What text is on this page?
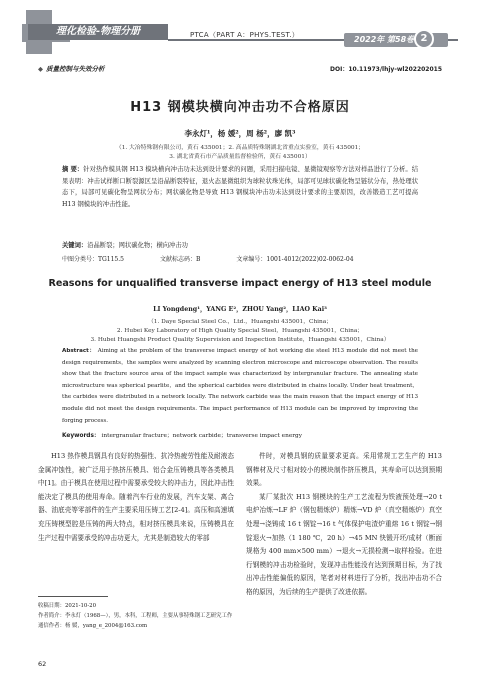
理化检验-物理分册	PTCA（PART A：PHYS.TEST.）	2022年 第58卷 2
◆ 质量控制与失效分析	DOI：10.11973/lhjy-wl202202015
H13 钢模块横向冲击功不合格原因
李永灯¹，杨 媛²，周 杨²，廖 凯³
（1. 大冶特殊钢有限公司，黄石 435001；2. 高品质特殊钢湖北省重点实验室，黄石 435001；
3. 湖北省黄石市产品质量监督检验所，黄石 435001）
摘 要：针对热作模具钢 H13 模块横向冲击功未达到设计要求的问题，采用扫描电镜、显微镜观察等方法对样品进行了分析。结果表明：冲击试样断口断裂源区呈沿晶断裂特征，退火态显微组织为球粒状珠光体，局部可见球状碳化物呈链状分布，热处理状态下，局部可见碳化物呈网状分布；网状碳化物是导致 H13 钢模块冲击功未达到设计要求的主要原因，改善锻造工艺可提高 H13 钢模块的冲击性能。
关键词：沿晶断裂；网状碳化物；横向冲击功
中图分类号：TG115.5	文献标志码：B	文章编号：1001-4012(2022)02-0062-04
Reasons for unqualified transverse impact energy of H13 steel module
LI Yongdeng¹，YANG E²，ZHOU Yang²，LIAO Kai³
（1. Daye Special Steel Co.，Ltd.，Huangshi 435001，China；
2. Hubei Key Laboratory of High Quality Special Steel，Huangshi 435001，China；
3. Hubei Huangshi Product Quality Supervision and Inspection Institute，Huangshi 435001，China）
Abstract： Aiming at the problem of the transverse impact energy of hot working die steel H13 module did not meet the design requirements，the samples were analyzed by scanning electron microscope and microscope observation. The results show that the fracture source area of the impact sample was characterized by intergranular fracture. The annealing state microstructure was spherical pearlite，and the spherical carbides were distributed in chains locally. Under heat treatment，the carbides were distributed in a network locally. The network carbide was the main reason that the impact energy of H13 module did not meet the design requirements. The impact performance of H13 module can be improved by improving the forging process.
Keywords： intergranular fracture；network carbide；transverse impact energy

H13 热作模具钢具有良好的热强性、抗冷热疲劳性能及耐液态金属冲蚀性，被广泛用于热挤压模具、铝合金压铸模具等各类模具中[1]。由于模具在使用过程中需要承受较大的冲击力，因此冲击性能决定了模具的使用寿命。随着汽车行业的发展，汽车支架、离合器、油底壳等零部件的生产主要采用压铸工艺[2-4]。高压和高速填充压铸模型腔是压铸的两大特点，相对挤压模具来说，压铸模具在生产过程中需要承受的冲击功更大，尤其是制造较大的零部

件时，对模具钢的质量要求更高。采用常规工艺生产的 H13 钢棒材及尺寸相对较小的模块制作挤压模具，其寿命可以达到预期效果。

某厂某批次 H13 钢模块的生产工艺流程为铁液预处理→20 t 电炉冶炼→LF 炉（钢包精炼炉）精炼→VD 炉（真空精炼炉）真空处理→浇铸成 16 t 钢锭→16 t 气体保护电渣炉重熔 16 t 钢锭→钢锭退火→加热（1 180 ℃，20 h）→45 MN 快锻开坯/成材（断面规格为 400 mm×500 mm）→退火→无损检测→取样检验。在进行钢模的冲击功检验时，发现冲击性能没有达到预期目标，为了找出冲击性能偏低的原因，笔者对材料进行了分析，找出冲击功不合格的原因，为后续的生产提供了改进依据。

收稿日期：2021-10-20
作者简介：李永灯（1968—），男，本科，工程师，主要从事特殊钢工艺研究工作
通信作者：杨 媛，yang_e_2004@163.com
62
